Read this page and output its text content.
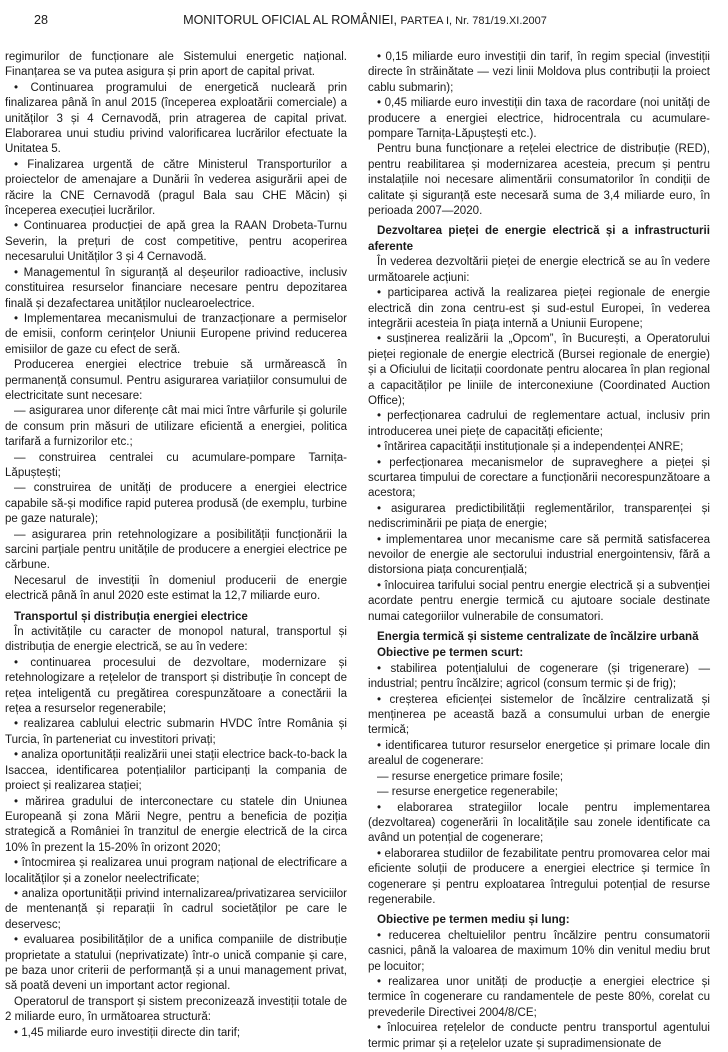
28	MONITORUL OFICIAL AL ROMÂNIEI, PARTEA I, Nr. 781/19.XI.2007

regimurilor de funcționare ale Sistemului energetic național. Finanțarea se va putea asigura și prin aport de capital privat.

• Continuarea programului de energetică nucleară prin finalizarea până în anul 2015 (începerea exploatării comerciale) a unităților 3 și 4 Cernavodă, prin atragerea de capital privat. Elaborarea unui studiu privind valorificarea lucrărilor efectuate la Unitatea 5.

• Finalizarea urgentă de către Ministerul Transporturilor a proiectelor de amenajare a Dunării în vederea asigurării apei de răcire la CNE Cernavodă (pragul Bala sau CHE Măcin) și începerea execuției lucrărilor.

• Continuarea producției de apă grea la RAAN Drobeta-Turnu Severin, la prețuri de cost competitive, pentru acoperirea necesarului Unităților 3 și 4 Cernavodă.

• Managementul în siguranță al deșeurilor radioactive, inclusiv constituirea resurselor financiare necesare pentru depozitarea finală și dezafectarea unităților nuclearoelectrice.

• Implementarea mecanismului de tranzacționare a permiselor de emisii, conform cerințelor Uniunii Europene privind reducerea emisiilor de gaze cu efect de seră.

Producerea energiei electrice trebuie să urmărească în permanență consumul. Pentru asigurarea variațiilor consumului de electricitate sunt necesare:

— asigurarea unor diferențe cât mai mici între vârfurile și golurile de consum prin măsuri de utilizare eficientă a energiei, politica tarifară a furnizorilor etc.;

— construirea centralei cu acumulare-pompare Tarnița-Lăpuștești;

— construirea de unități de producere a energiei electrice capabile să-și modifice rapid puterea produsă (de exemplu, turbine pe gaze naturale);

— asigurarea prin retehnologizare a posibilității funcționării la sarcini parțiale pentru unitățile de producere a energiei electrice pe cărbune.

Necesarul de investiții în domeniul producerii de energie electrică până în anul 2020 este estimat la 12,7 miliarde euro.

Transportul și distribuția energiei electrice

În activitățile cu caracter de monopol natural, transportul și distribuția de energie electrică, se au în vedere:

• continuarea procesului de dezvoltare, modernizare și retehnologizare a rețelelor de transport și distribuție în concept de rețea inteligentă cu pregătirea corespunzătoare a conectării la rețea a resurselor regenerabile;

• realizarea cablului electric submarin HVDC între România și Turcia, în parteneriat cu investitori privați;

• analiza oportunității realizării unei stații electrice back-to-back la Isaccea, identificarea potențialilor participanți la compania de proiect și realizarea stației;

• mărirea gradului de interconectare cu statele din Uniunea Europeană și zona Mării Negre, pentru a beneficia de poziția strategică a României în tranzitul de energie electrică de la circa 10% în prezent la 15-20% în orizont 2020;

• întocmirea și realizarea unui program național de electrificare a localităților și a zonelor neelectrificate;

• analiza oportunității privind internalizarea/privatizarea serviciilor de mentenanță și reparații în cadrul societăților pe care le deservesc;

• evaluarea posibilităților de a unifica companiile de distribuție proprietate a statului (neprivatizate) într-o unică companie și care, pe baza unor criterii de performanță și a unui management privat, să poată deveni un important actor regional.

Operatorul de transport și sistem preconizează investiții totale de 2 miliarde euro, în următoarea structură:

• 1,45 miliarde euro investiții directe din tarif;

• 0,15 miliarde euro investiții din tarif, în regim special (investiții directe în străinătate — vezi linii Moldova plus contribuții la proiect cablu submarin);

• 0,45 miliarde euro investiții din taxa de racordare (noi unități de producere a energiei electrice, hidrocentrala cu acumulare-pompare Tarnița-Lăpuștești etc.).

Pentru buna funcționare a rețelei electrice de distribuție (RED), pentru reabilitarea și modernizarea acesteia, precum și pentru instalațiile noi necesare alimentării consumatorilor în condiții de calitate și siguranță este necesară suma de 3,4 miliarde euro, în perioada 2007—2020.

Dezvoltarea pieței de energie electrică și a infrastructurii aferente

În vederea dezvoltării pieței de energie electrică se au în vedere următoarele acțiuni:

• participarea activă la realizarea pieței regionale de energie electrică din zona centru-est și sud-estul Europei, în vederea integrării acesteia în piața internă a Uniunii Europene;

• susținerea realizării la „Opcom”, în București, a Operatorului pieței regionale de energie electrică (Bursei regionale de energie) și a Oficiului de licitații coordonate pentru alocarea în plan regional a capacităților pe liniile de interconexiune (Coordinated Auction Office);

• perfecționarea cadrului de reglementare actual, inclusiv prin introducerea unei piețe de capacități eficiente;

• întărirea capacității instituționale și a independenței ANRE;

• perfecționarea mecanismelor de supraveghere a pieței și scurtarea timpului de corectare a funcționării necorespunzătoare a acestora;

• asigurarea predictibilității reglementărilor, transparenței și nediscriminării pe piața de energie;

• implementarea unor mecanisme care să permită satisfacerea nevoilor de energie ale sectorului industrial energointensiv, fără a distorsiona piața concurențială;

• înlocuirea tarifului social pentru energie electrică și a subvenției acordate pentru energie termică cu ajutoare sociale destinate numai categoriilor vulnerabile de consumatori.

Energia termică și sisteme centralizate de încălzire urbană
Obiective pe termen scurt:

• stabilirea potențialului de cogenerare (și trigenerare) — industrial; pentru încălzire; agricol (consum termic și de frig);

• creșterea eficienței sistemelor de încălzire centralizată și menținerea pe această bază a consumului urban de energie termică;

• identificarea tuturor resurselor energetice și primare locale din arealul de cogenerare:

— resurse energetice primare fosile;

— resurse energetice regenerabile;

• elaborarea strategiilor locale pentru implementarea (dezvoltarea) cogenerării în localitățile sau zonele identificate ca având un potențial de cogenerare;

• elaborarea studiilor de fezabilitate pentru promovarea celor mai eficiente soluții de producere a energiei electrice și termice în cogenerare și pentru exploatarea întregului potențial de resurse regenerabile.

Obiective pe termen mediu și lung:

• reducerea cheltuielilor pentru încălzire pentru consumatorii casnici, până la valoarea de maximum 10% din venitul mediu brut pe locuitor;

• realizarea unor unități de producție a energiei electrice și termice în cogenerare cu randamentele de peste 80%, corelat cu prevederile Directivei 2004/8/CE;

• înlocuirea rețelelor de conducte pentru transportul agentului termic primar și a rețelelor uzate și supradimensionate de
